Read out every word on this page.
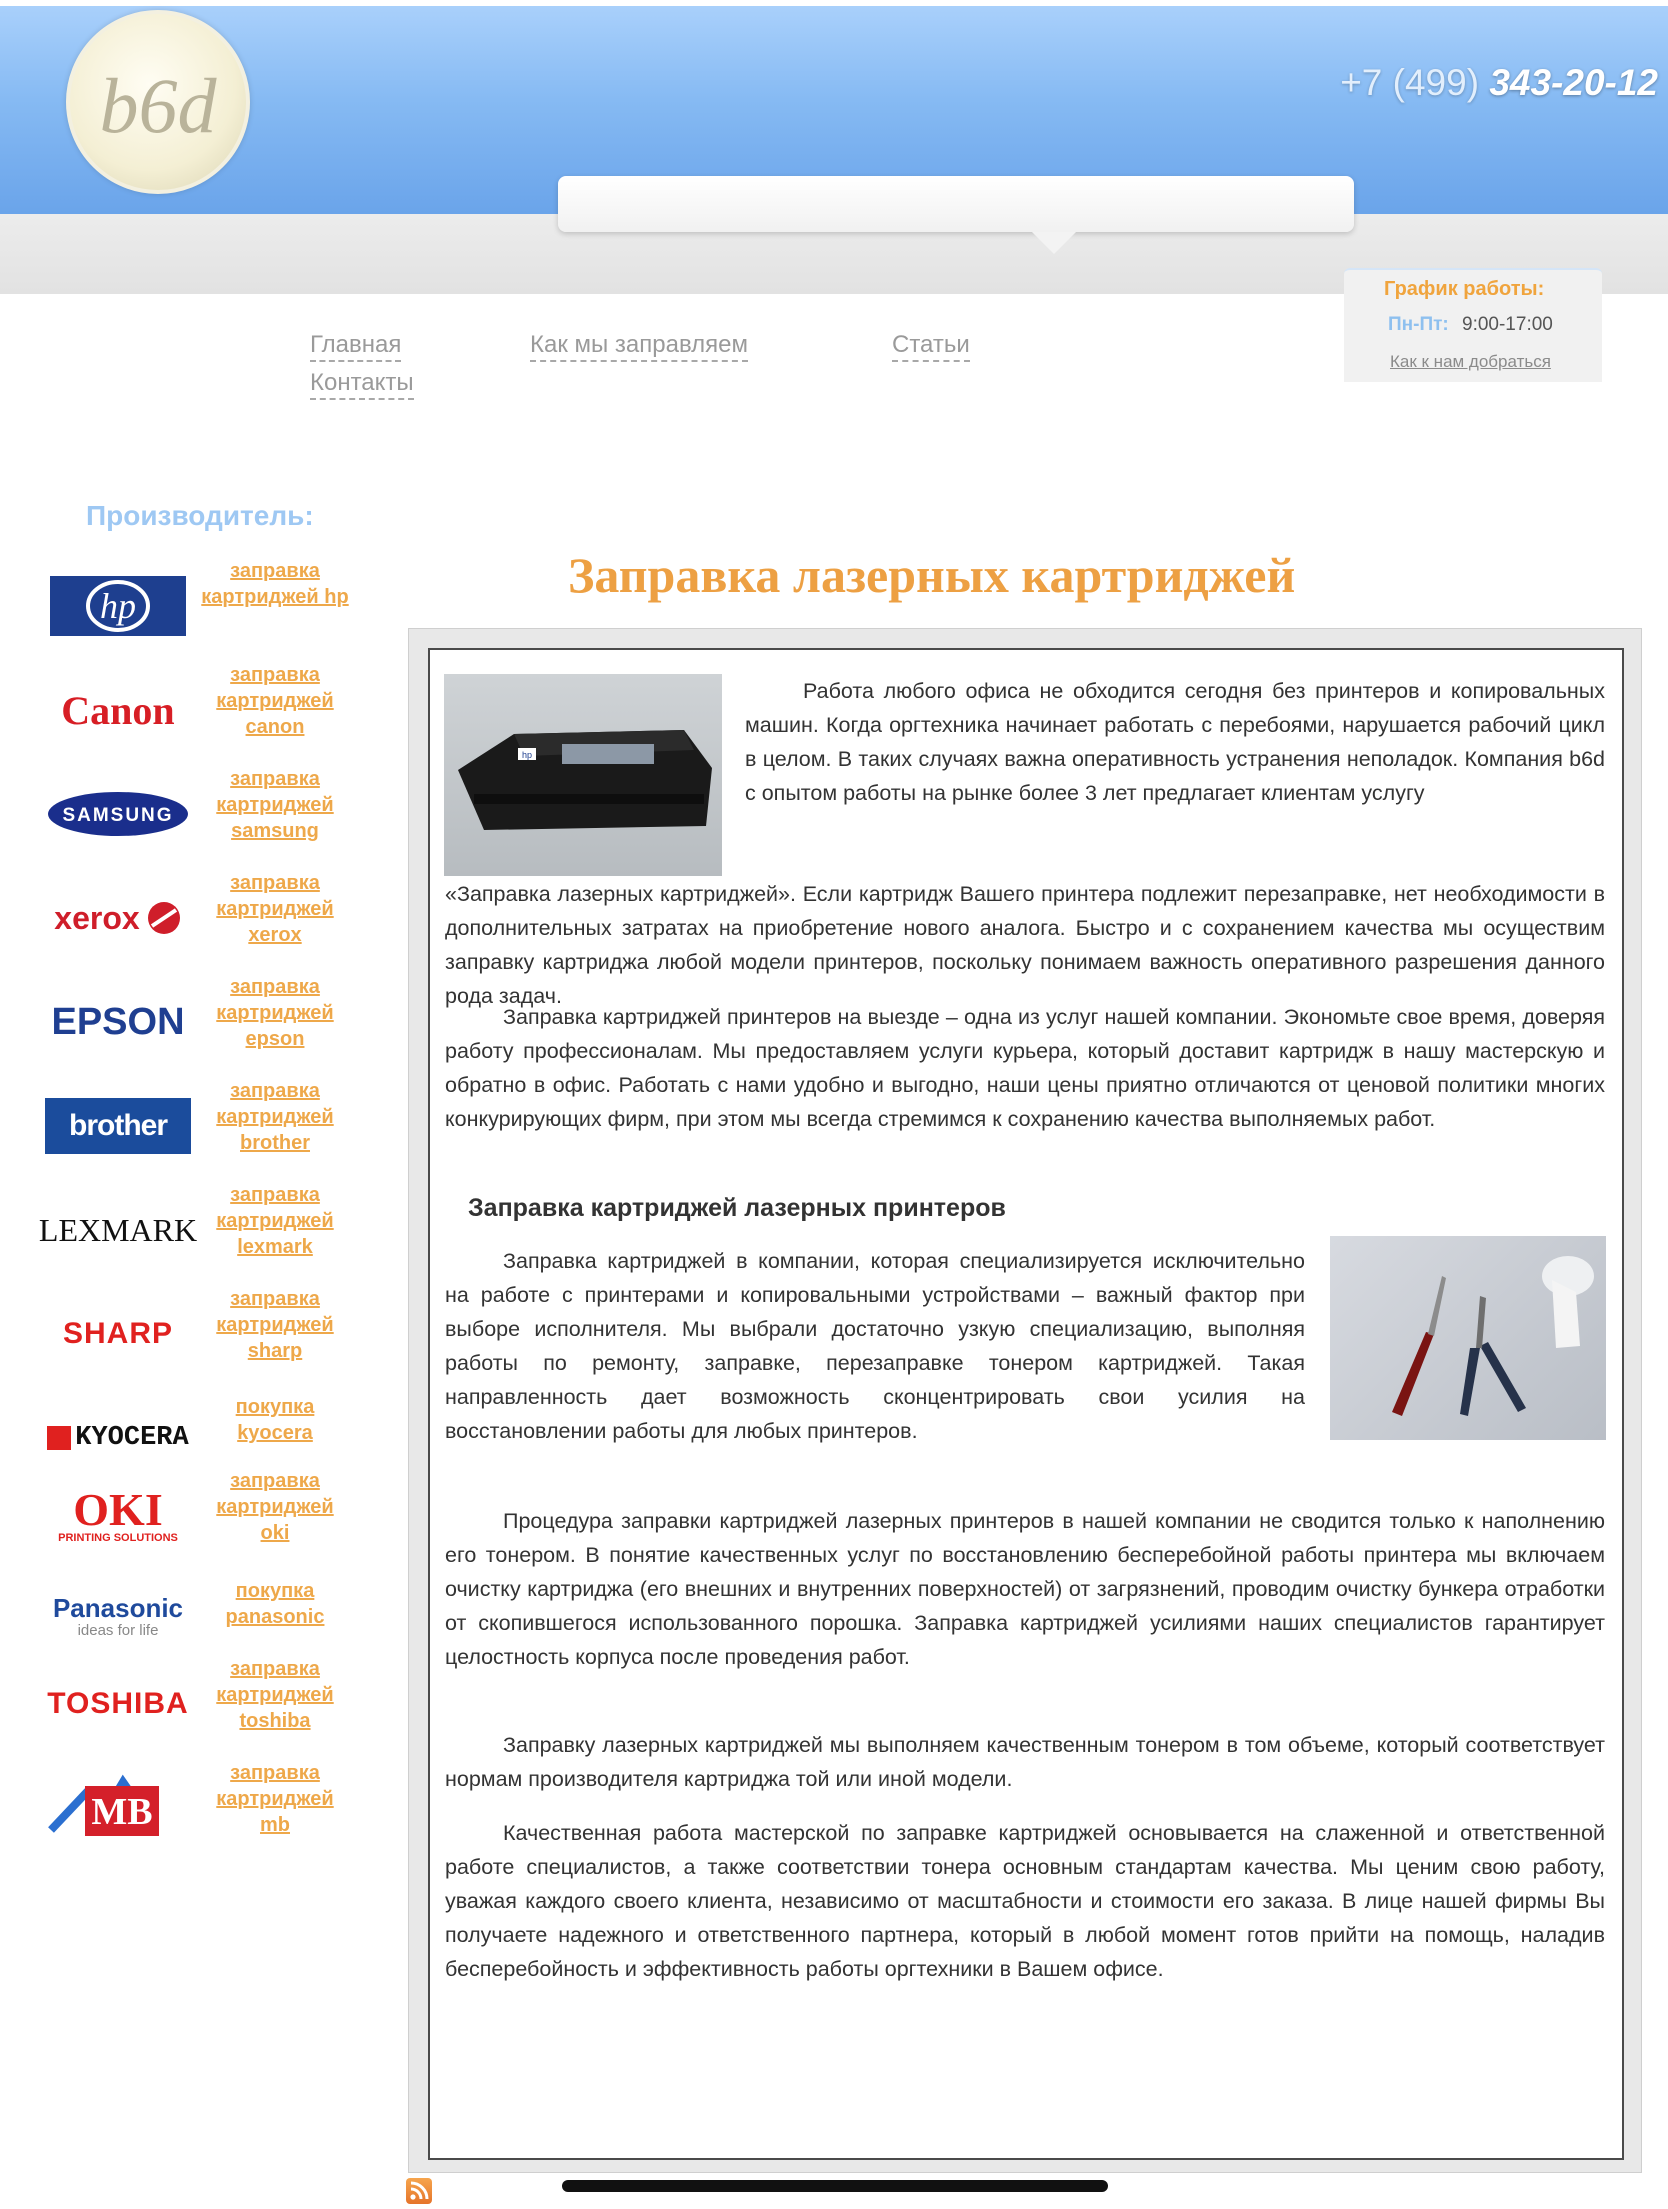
b6d	+7 (499) 343-20-12
График работы:
Пн-Пт: 9:00-17:00
Как к нам добраться
Главная	Как мы заправляем	Статьи
Контакты
Производитель:
hp
заправка картриджей hp
Canon
заправка картриджей canon
SAMSUNG
заправка картриджей samsung
xerox
заправка картриджей xerox
EPSON
заправка картриджей epson
brother
заправка картриджей brother
LEXMARK
заправка картриджей lexmark
SHARP
заправка картриджей sharp
KYOCERA
покупка kyocera
OKI
PRINTING SOLUTIONS
заправка картриджей oki
Panasonic
ideas for life
покупка panasonic
TOSHIBA
заправка картриджей toshiba
MB
заправка картриджей mb
Заправка лазерных картриджей
hp

Работа любого офиса не обходится сегодня без принтеров и копировальных машин. Когда оргтехника начинает работать с перебоями, нарушается рабочий цикл в целом. В таких случаях важна оперативность устранения неполадок. Компания b6d с опытом работы на рынке более 3 лет предлагает клиентам услугу

«Заправка лазерных картриджей». Если картридж Вашего принтера подлежит перезаправке, нет необходимости в дополнительных затратах на приобретение нового аналога. Быстро и с сохранением качества мы осуществим заправку картриджа любой модели принтеров, поскольку понимаем важность оперативного разрешения данного рода задач.

Заправка картриджей принтеров на выезде – одна из услуг нашей компании. Экономьте свое время, доверяя работу профессионалам. Мы предоставляем услуги курьера, который доставит картридж в нашу мастерскую и обратно в офис. Работать с нами удобно и выгодно, наши цены приятно отличаются от ценовой политики многих конкурирующих фирм, при этом мы всегда стремимся к сохранению качества выполняемых работ.

Заправка картриджей лазерных принтеров

Заправка картриджей в компании, которая специализируется исключительно на работе с принтерами и копировальными устройствами – важный фактор при выборе исполнителя. Мы выбрали достаточно узкую специализацию, выполняя работы по ремонту, заправке, перезаправке тонером картриджей. Такая направленность дает возможность сконцентрировать свои усилия на восстановлении работы для любых принтеров.

Процедура заправки картриджей лазерных принтеров в нашей компании не сводится только к наполнению его тонером. В понятие качественных услуг по восстановлению бесперебойной работы принтера мы включаем очистку картриджа (его внешних и внутренних поверхностей) от загрязнений, проводим очистку бункера отработки от скопившегося использованного порошка. Заправка картриджей усилиями наших специалистов гарантирует целостность корпуса после проведения работ.

Заправку лазерных картриджей мы выполняем качественным тонером в том объеме, который соответствует нормам производителя картриджа той или иной модели.

Качественная работа мастерской по заправке картриджей основывается на слаженной и ответственной работе специалистов, а также соответствии тонера основным стандартам качества. Мы ценим свою работу, уважая каждого своего клиента, независимо от масштабности и стоимости его заказа. В лице нашей фирмы Вы получаете надежного и ответственного партнера, который в любой момент готов прийти на помощь, наладив бесперебойность и эффективность работы оргтехники в Вашем офисе.
